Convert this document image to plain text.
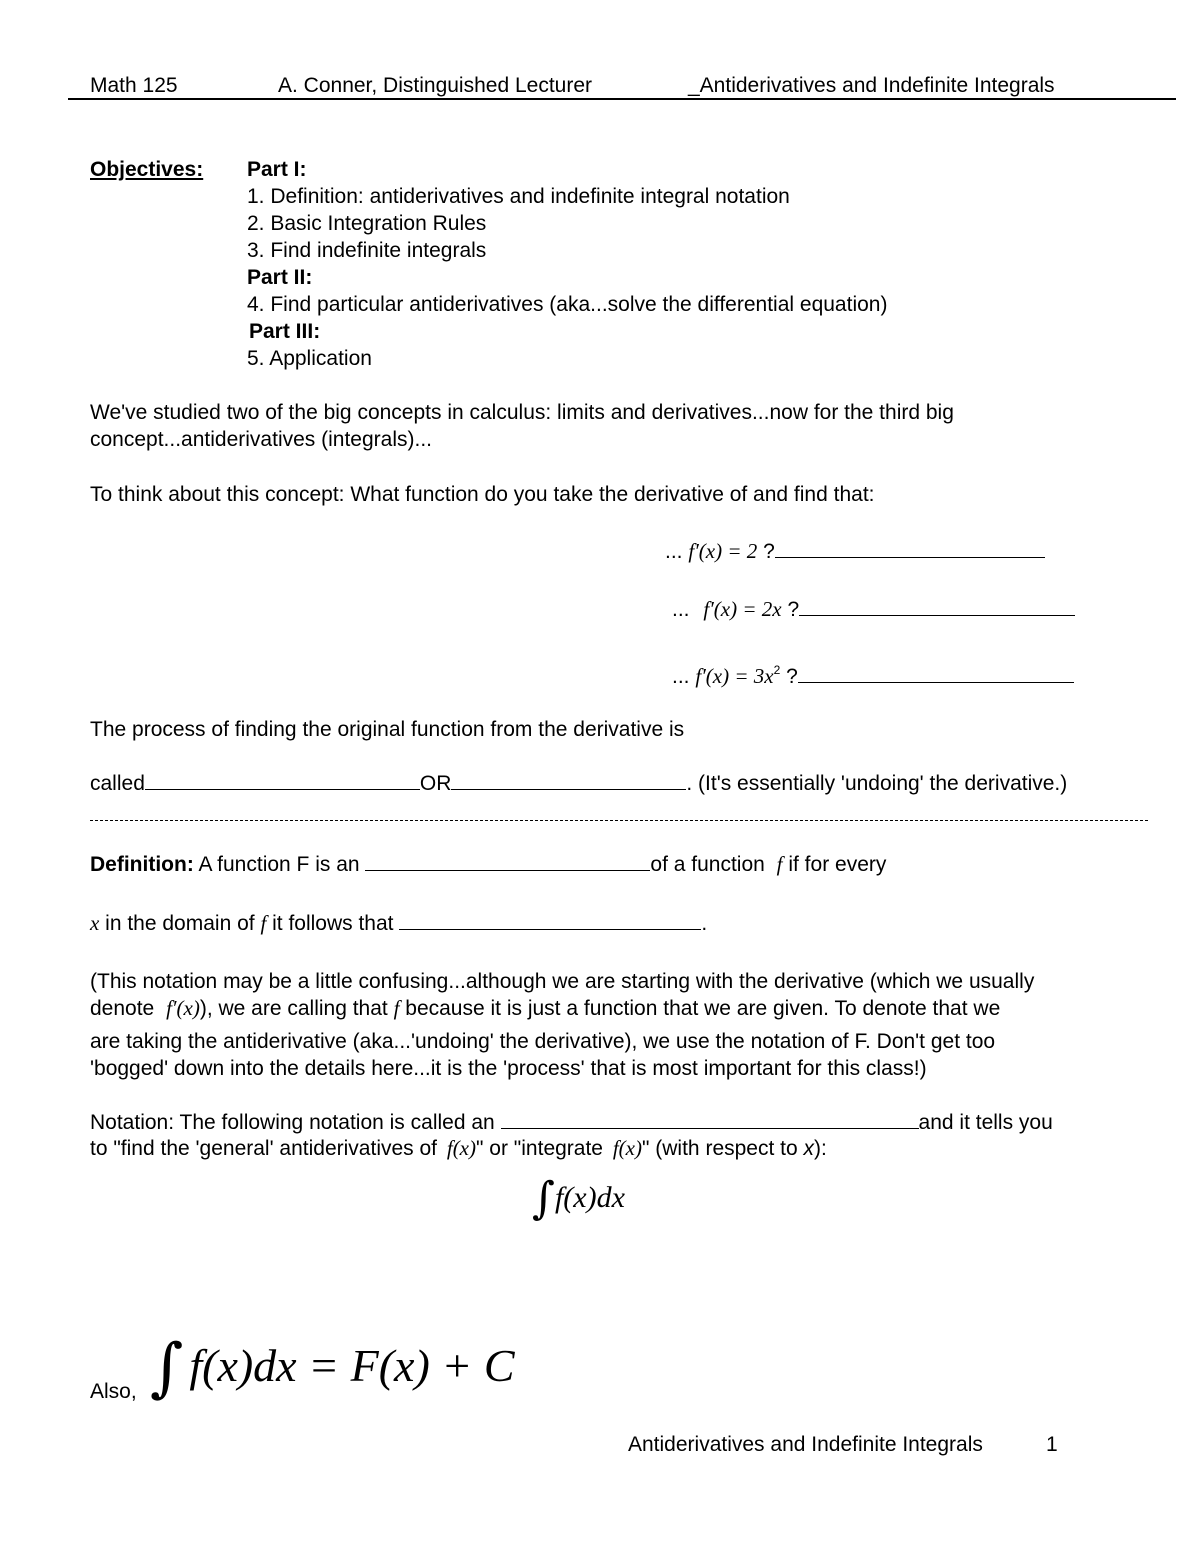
Math 125	A. Conner, Distinguished Lecturer	_Antiderivatives and Indefinite Integrals
Objectives: Part I:
1. Definition: antiderivatives and indefinite integral notation
2. Basic Integration Rules
3. Find indefinite integrals
Part II:
4. Find particular antiderivatives (aka...solve the differential equation)
Part III:
5. Application
We've studied two of the big concepts in calculus: limits and derivatives...now for the third big
concept...antiderivatives (integrals)...
To think about this concept: What function do you take the derivative of and find that:
... f′(x) = 2 ?
... f′(x) = 2x ?
... $f'(x) = 3x^2$ ?
The process of finding the original function from the derivative is
called	OR	. (It's essentially 'undoing' the derivative.)
Definition: A function F is an	of a function f if for every
x in the domain of f it follows that	.
(This notation may be a little confusing...although we are starting with the derivative (which we usually
denote f′(x)), we are calling that f because it is just a function that we are given. To denote that we
are taking the antiderivative (aka...'undoing' the derivative), we use the notation of F. Don't get too
'bogged' down into the details here...it is the 'process' that is most important for this class!)
Notation: The following notation is called an	and it tells you
to "find the 'general' antiderivatives of f(x)" or "integrate f(x)" (with respect to x):
∫f(x)dx
Also, ∫ f(x)dx = F(x) + C
Antiderivatives and Indefinite Integrals	1
